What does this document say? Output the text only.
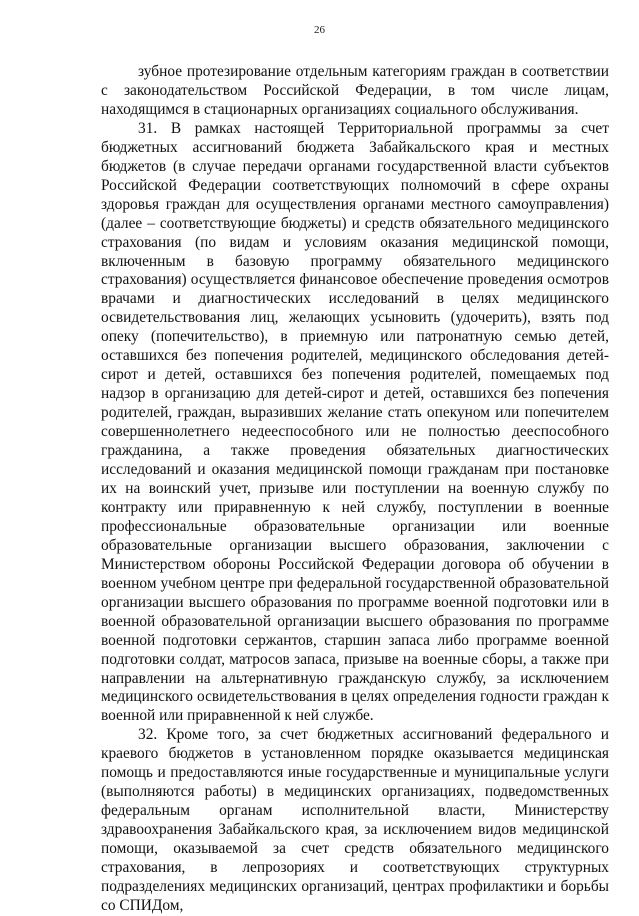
26

зубное протезирование отдельным категориям граждан в соответствии с законодательством Российской Федерации, в том числе лицам, находящимся в стационарных организациях социального обслуживания.

31. В рамках настоящей Территориальной программы за счет бюджетных ассигнований бюджета Забайкальского края и местных бюджетов (в случае передачи органами государственной власти субъектов Российской Федерации соответствующих полномочий в сфере охраны здоровья граждан для осуществления органами местного самоуправления) (далее – соответствующие бюджеты) и средств обязательного медицинского страхования (по видам и условиям оказания медицинской помощи, включенным в базовую программу обязательного медицинского страхования) осуществляется финансовое обеспечение проведения осмотров врачами и диагностических исследований в целях медицинского освидетельствования лиц, желающих усыновить (удочерить), взять под опеку (попечительство), в приемную или патронатную семью детей, оставшихся без попечения родителей, медицинского обследования детей-сирот и детей, оставшихся без попечения родителей, помещаемых под надзор в организацию для детей-сирот и детей, оставшихся без попечения родителей, граждан, выразивших желание стать опекуном или попечителем совершеннолетнего недееспособного или не полностью дееспособного гражданина, а также проведения обязательных диагностических исследований и оказания медицинской помощи гражданам при постановке их на воинский учет, призыве или поступлении на военную службу по контракту или приравненную к ней службу, поступлении в военные профессиональные образовательные организации или военные образовательные организации высшего образования, заключении с Министерством обороны Российской Федерации договора об обучении в военном учебном центре при федеральной государственной образовательной организации высшего образования по программе военной подготовки или в военной образовательной организации высшего образования по программе военной подготовки сержантов, старшин запаса либо программе военной подготовки солдат, матросов запаса, призыве на военные сборы, а также при направлении на альтернативную гражданскую службу, за исключением медицинского освидетельствования в целях определения годности граждан к военной или приравненной к ней службе.

32. Кроме того, за счет бюджетных ассигнований федерального и краевого бюджетов в установленном порядке оказывается медицинская помощь и предоставляются иные государственные и муниципальные услуги (выполняются работы) в медицинских организациях, подведомственных федеральным органам исполнительной власти, Министерству здравоохранения Забайкальского края, за исключением видов медицинской помощи, оказываемой за счет средств обязательного медицинского страхования, в лепрозориях и соответствующих структурных подразделениях медицинских организаций, центрах профилактики и борьбы со СПИДом,
